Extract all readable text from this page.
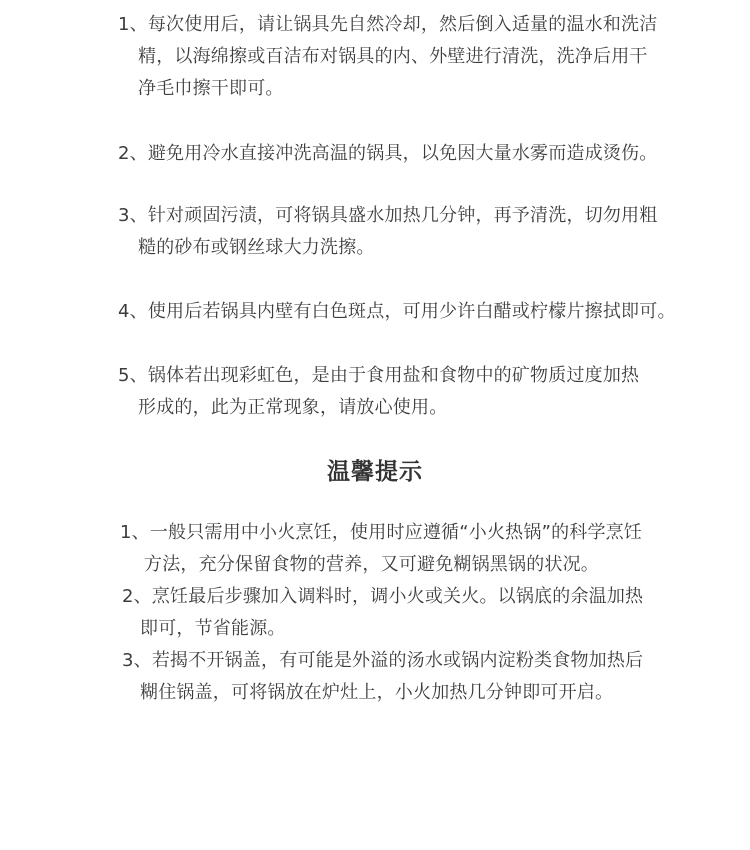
1、每次使用后，请让锅具先自然冷却，然后倒入适量的温水和洗洁
精，以海绵擦或百洁布对锅具的内、外壁进行清洗，洗净后用干
净毛巾擦干即可。
2、避免用冷水直接冲洗高温的锅具，以免因大量水雾而造成烫伤。
3、针对顽固污渍，可将锅具盛水加热几分钟，再予清洗，切勿用粗
糙的砂布或钢丝球大力洗擦。
4、使用后若锅具内壁有白色斑点，可用少许白醋或柠檬片擦拭即可。
5、锅体若出现彩虹色，是由于食用盐和食物中的矿物质过度加热
形成的，此为正常现象，请放心使用。
温馨提示
1、一般只需用中小火烹饪，使用时应遵循“小火热锅”的科学烹饪
方法，充分保留食物的营养，又可避免糊锅黑锅的状况。
2、烹饪最后步骤加入调料时，调小火或关火。以锅底的余温加热
即可，节省能源。
3、若揭不开锅盖，有可能是外溢的汤水或锅内淀粉类食物加热后
糊住锅盖，可将锅放在炉灶上，小火加热几分钟即可开启。
